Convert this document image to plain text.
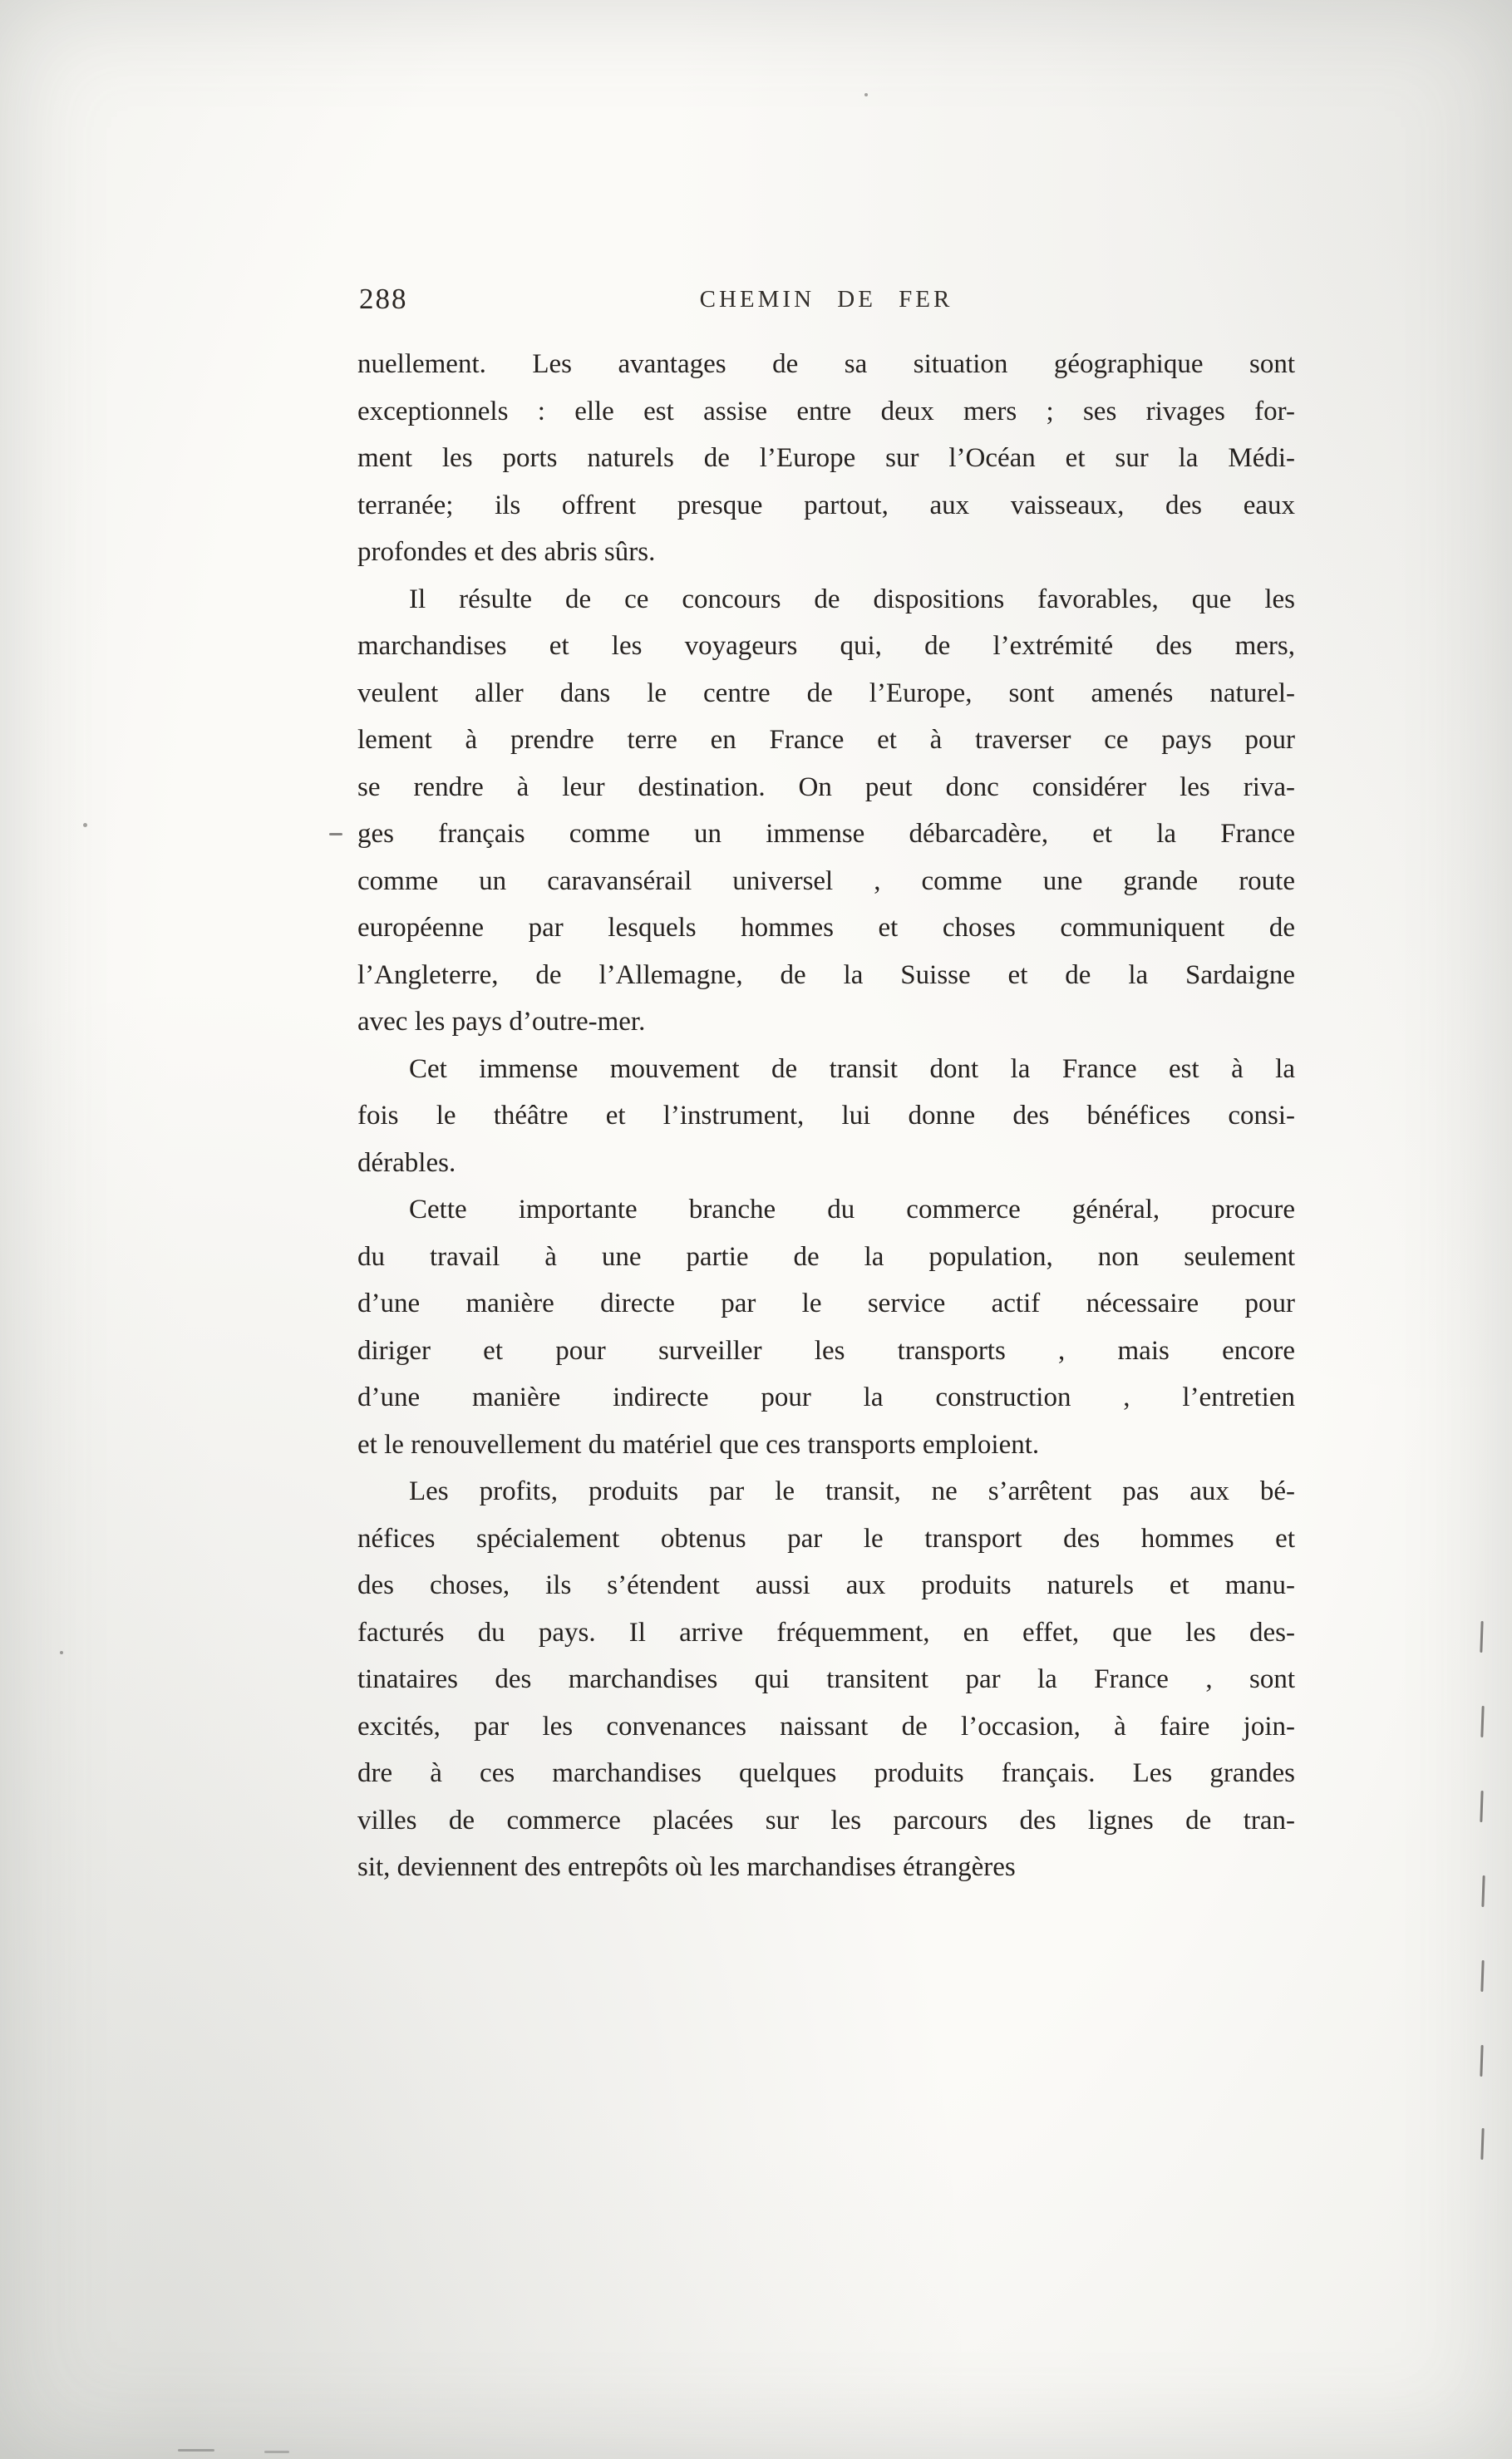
288	CHEMIN DE FER
nuellement. Les avantages de sa situation géographique sont
exceptionnels : elle est assise entre deux mers ; ses rivages for-
ment les ports naturels de l’Europe sur l’Océan et sur la Médi-
terranée; ils offrent presque partout, aux vaisseaux, des eaux
profondes et des abris sûrs.
Il résulte de ce concours de dispositions favorables, que les
marchandises et les voyageurs qui, de l’extrémité des mers,
veulent aller dans le centre de l’Europe, sont amenés naturel-
lement à prendre terre en France et à traverser ce pays pour
se rendre à leur destination. On peut donc considérer les riva-
ges français comme un immense débarcadère, et la France
comme un caravansérail universel , comme une grande route
européenne par lesquels hommes et choses communiquent de
l’Angleterre, de l’Allemagne, de la Suisse et de la Sardaigne
avec les pays d’outre-mer.
Cet immense mouvement de transit dont la France est à la
fois le théâtre et l’instrument, lui donne des bénéfices consi-
dérables.
Cette importante branche du commerce général, procure
du travail à une partie de la population, non seulement
d’une manière directe par le service actif nécessaire pour
diriger et pour surveiller les transports , mais encore
d’une manière indirecte pour la construction , l’entretien
et le renouvellement du matériel que ces transports emploient.
Les profits, produits par le transit, ne s’arrêtent pas aux bé-
néfices spécialement obtenus par le transport des hommes et
des choses, ils s’étendent aussi aux produits naturels et manu-
facturés du pays. Il arrive fréquemment, en effet, que les des-
tinataires des marchandises qui transitent par la France , sont
excités, par les convenances naissant de l’occasion, à faire join-
dre à ces marchandises quelques produits français. Les grandes
villes de commerce placées sur les parcours des lignes de tran-
sit, deviennent des entrepôts où les marchandises étrangères
